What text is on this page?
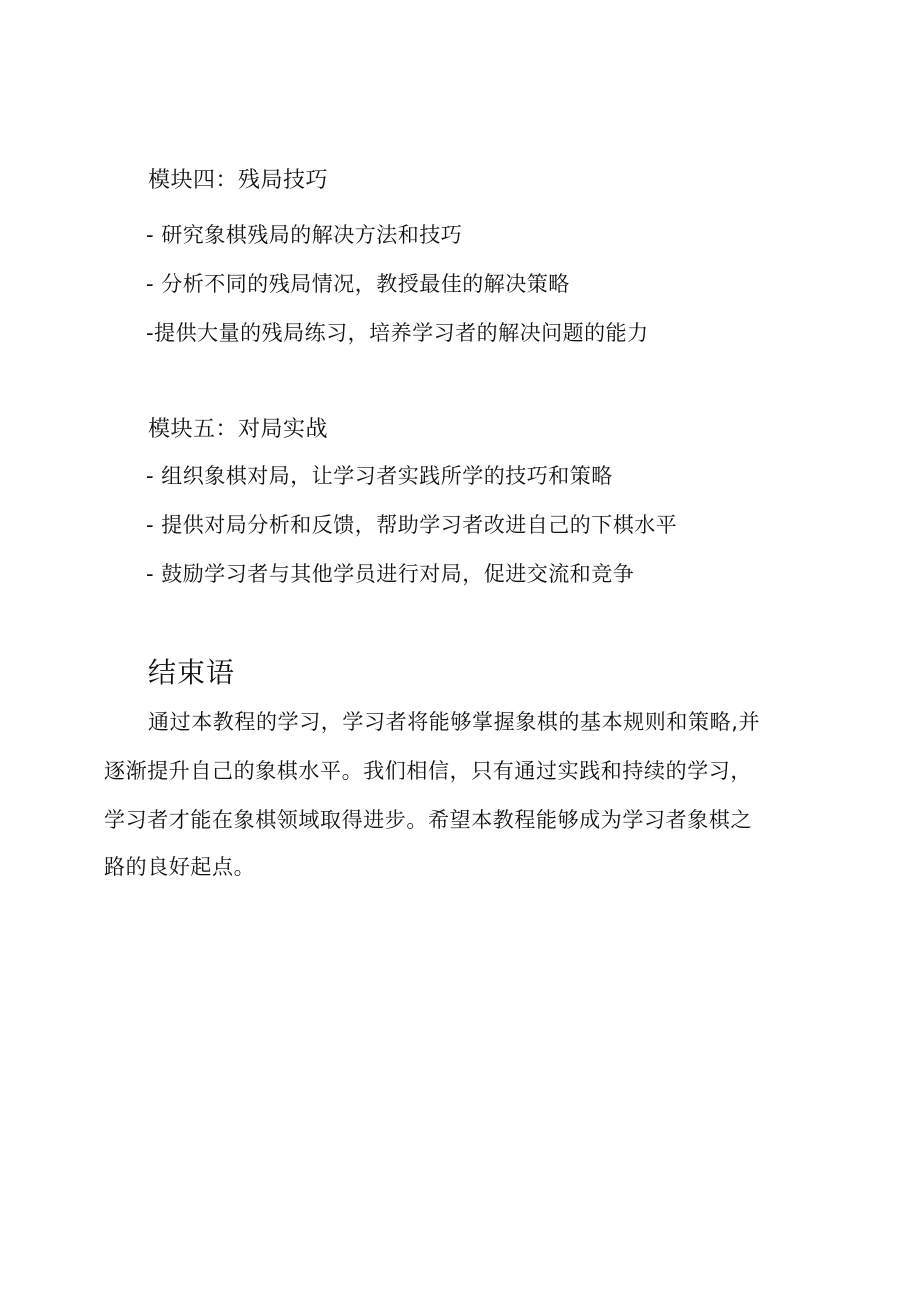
模块四：残局技巧
- 研究象棋残局的解决方法和技巧
- 分析不同的残局情况，教授最佳的解决策略
-提供大量的残局练习，培养学习者的解决问题的能力
模块五：对局实战
- 组织象棋对局，让学习者实践所学的技巧和策略
- 提供对局分析和反馈，帮助学习者改进自己的下棋水平
- 鼓励学习者与其他学员进行对局，促进交流和竞争
结束语
通过本教程的学习，学习者将能够掌握象棋的基本规则和策略,并
逐渐提升自己的象棋水平。我们相信，只有通过实践和持续的学习，
学习者才能在象棋领域取得进步。希望本教程能够成为学习者象棋之
路的良好起点。
